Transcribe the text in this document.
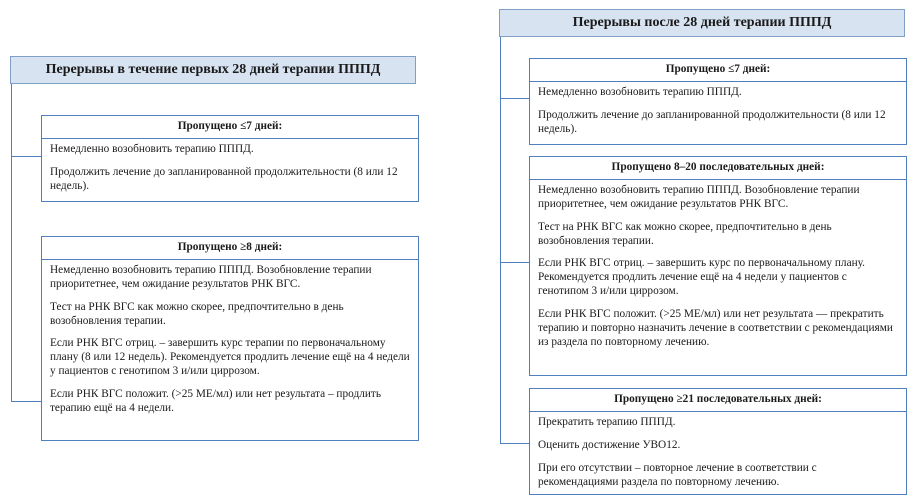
Перерывы в течение первых 28 дней терапии ПППД
Пропущено ≤7 дней:

Немедленно возобновить терапию ПППД.

Продолжить лечение до запланированной продолжительности (8 или 12 недель).

Пропущено ≥8 дней:

Немедленно возобновить терапию ПППД. Возобновление терапии приоритетнее, чем ожидание результатов РНК ВГС.

Тест на РНК ВГС как можно скорее, предпочтительно в день возобновления терапии.

Если РНК ВГС отриц. – завершить курс терапии по первоначальному плану (8 или 12 недель). Рекомендуется продлить лечение ещё на 4 недели у пациентов с генотипом 3 и/или циррозом.

Если РНК ВГС положит. (>25 МЕ/мл) или нет результата – продлить терапию ещё на 4 недели.

Перерывы после 28 дней терапии ПППД
Пропущено ≤7 дней:

Немедленно возобновить терапию ПППД.

Продолжить лечение до запланированной продолжительности (8 или 12 недель).

Пропущено 8–20 последовательных дней:

Немедленно возобновить терапию ПППД. Возобновление терапии приоритетнее, чем ожидание результатов РНК ВГС.

Тест на РНК ВГС как можно скорее, предпочтительно в день возобновления терапии.

Если РНК ВГС отриц. – завершить курс по первоначальному плану. Рекомендуется продлить лечение ещё на 4 недели у пациентов с генотипом 3 и/или циррозом.

Если РНК ВГС положит. (>25 МЕ/мл) или нет результата — прекратить терапию и повторно назначить лечение в соответствии с рекомендациями из раздела по повторному лечению.

Пропущено ≥21 последовательных дней:

Прекратить терапию ПППД.

Оценить достижение УВО12.

При его отсутствии – повторное лечение в соответствии с рекомендациями раздела по повторному лечению.
